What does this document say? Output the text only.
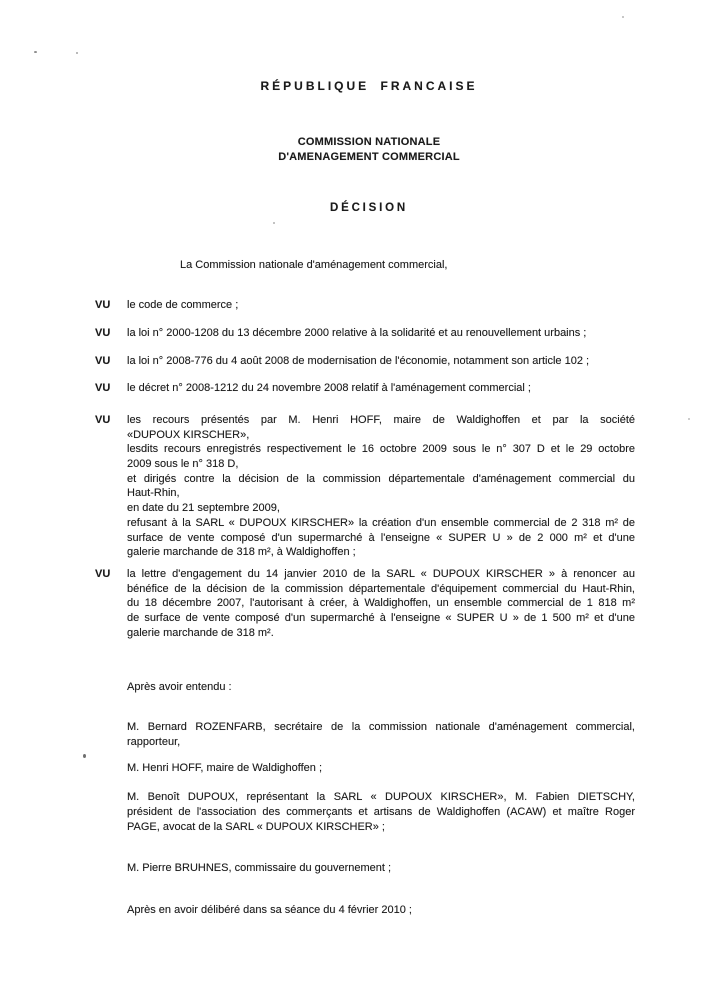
RÉPUBLIQUE FRANCAISE
COMMISSION NATIONALE
D'AMENAGEMENT COMMERCIAL
DÉCISION
La Commission nationale d'aménagement commercial,
VU le code de commerce ;
VU la loi n° 2000-1208 du 13 décembre 2000 relative à la solidarité et au renouvellement urbains ;
VU la loi n° 2008-776 du 4 août 2008 de modernisation de l'économie, notamment son article 102 ;
VU le décret n° 2008-1212 du 24 novembre 2008 relatif à l'aménagement commercial ;
VU les recours présentés par M. Henri HOFF, maire de Waldighoffen et par la société
«DUPOUX KIRSCHER»,
lesdits recours enregistrés respectivement le 16 octobre 2009 sous le n° 307 D et le 29 octobre
2009 sous le n° 318 D,
et dirigés contre la décision de la commission départementale d'aménagement commercial du
Haut-Rhin,
en date du 21 septembre 2009,
refusant à la SARL « DUPOUX KIRSCHER» la création d'un ensemble commercial de 2 318 m² de
surface de vente composé d'un supermarché à l'enseigne « SUPER U » de 2 000 m² et d'une
galerie marchande de 318 m², à Waldighoffen ;
VU la lettre d'engagement du 14 janvier 2010 de la SARL « DUPOUX KIRSCHER » à renoncer au
bénéfice de la décision de la commission départementale d'équipement commercial du Haut-Rhin,
du 18 décembre 2007, l'autorisant à créer, à Waldighoffen, un ensemble commercial de 1 818 m²
de surface de vente composé d'un supermarché à l'enseigne « SUPER U » de 1 500 m² et d'une
galerie marchande de 318 m².
Après avoir entendu :
M. Bernard ROZENFARB, secrétaire de la commission nationale d'aménagement commercial,
rapporteur,
M. Henri HOFF, maire de Waldighoffen ;
M. Benoît DUPOUX, représentant la SARL « DUPOUX KIRSCHER», M. Fabien DIETSCHY,
président de l'association des commerçants et artisans de Waldighoffen (ACAW) et maître Roger
PAGE, avocat de la SARL « DUPOUX KIRSCHER» ;
M. Pierre BRUHNES, commissaire du gouvernement ;
Après en avoir délibéré dans sa séance du 4 février 2010 ;
